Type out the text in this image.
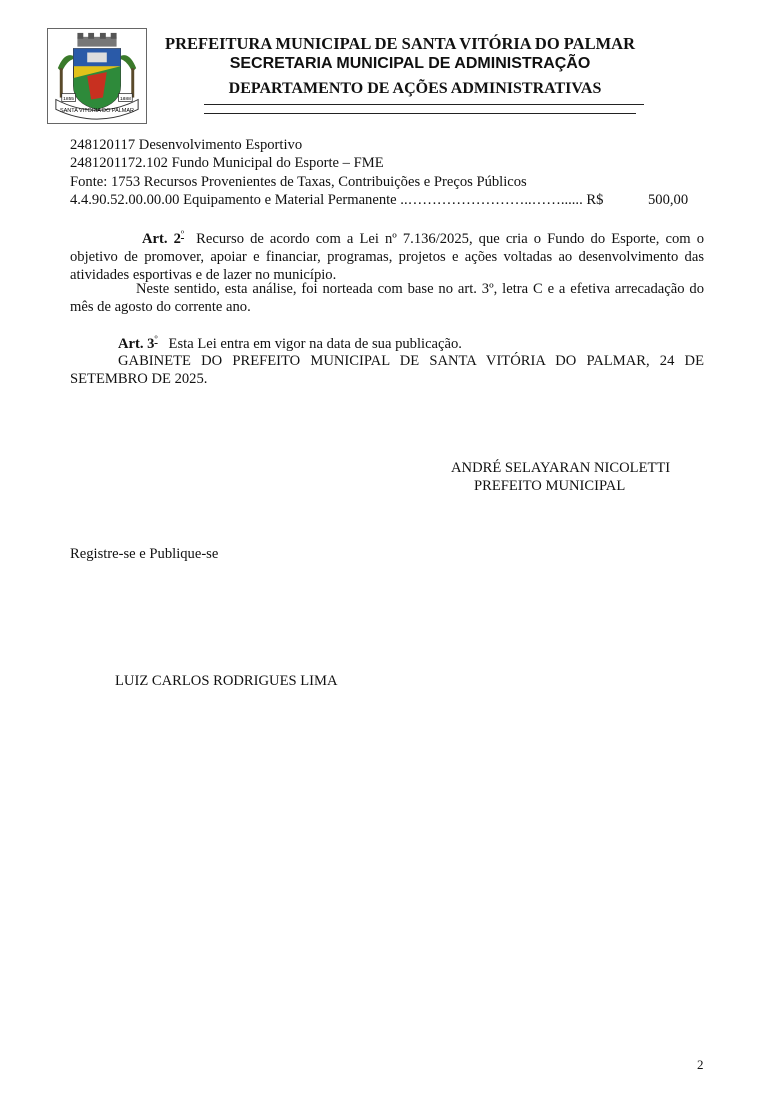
1855	1888
SANTA VITÓRIA DO PALMAR
PREFEITURA MUNICIPAL DE SANTA VITÓRIA DO PALMAR
SECRETARIA MUNICIPAL DE ADMINISTRAÇÃO
DEPARTAMENTO DE AÇÕES ADMINISTRATIVAS
248120117 Desenvolvimento Esportivo
2481201172.102 Fundo Municipal do Esporte – FME
Fonte: 1753 Recursos Provenientes de Taxas, Contribuições e Preços Públicos
4.4.90.52.00.00.00 Equipamento e Material Permanente ..……………………..……...... R$	500,00
Art. $2^º$ Recurso de acordo com a Lei nº 7.136/2025, que cria o Fundo do Esporte, com o objetivo de promover, apoiar e financiar, programas, projetos e ações voltadas ao desenvolvimento das atividades esportivas e de lazer no município.
Neste sentido, esta análise, foi norteada com base no art. 3º, letra C e a efetiva arrecadação do mês de agosto do corrente ano.
Art. $3^º$ Esta Lei entra em vigor na data de sua publicação.
GABINETE DO PREFEITO MUNICIPAL DE SANTA VITÓRIA DO PALMAR, 24 DE SETEMBRO DE 2025.
ANDRÉ SELAYARAN NICOLETTI
PREFEITO MUNICIPAL
Registre-se e Publique-se
LUIZ CARLOS RODRIGUES LIMA
2
